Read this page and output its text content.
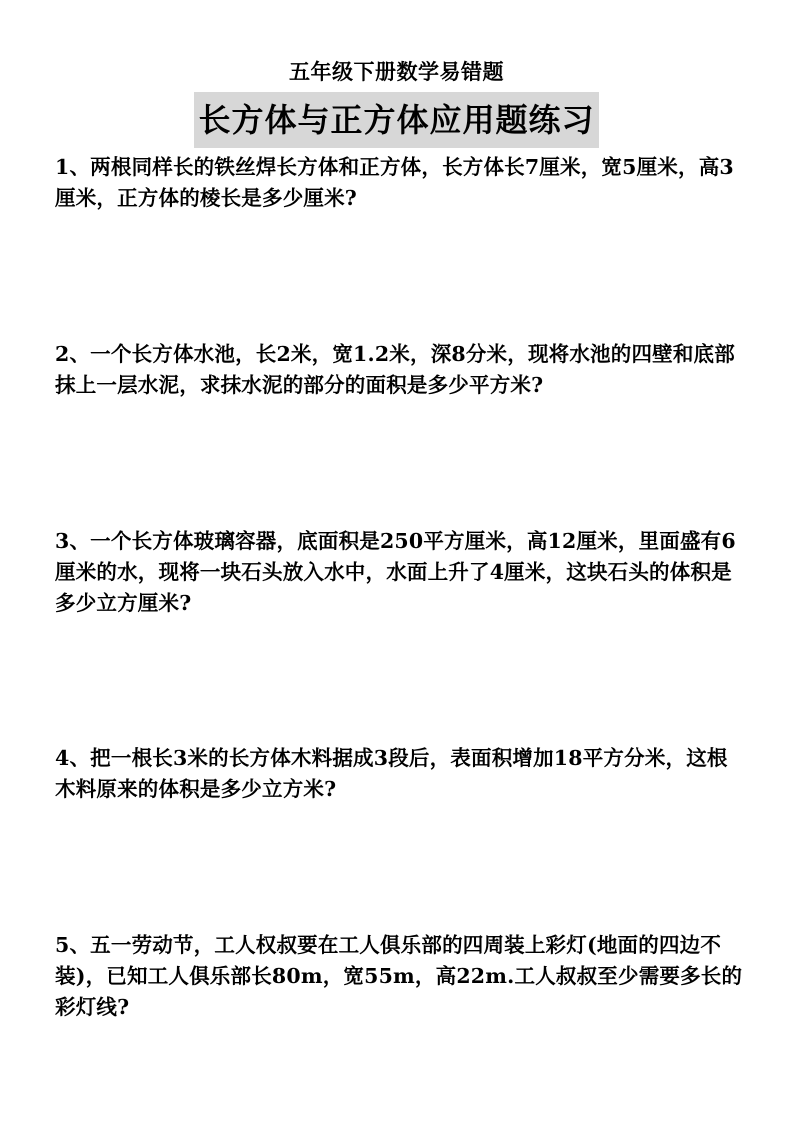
五年级下册数学易错题
长方体与正方体应用题练习
1、两根同样长的铁丝焊长方体和正方体，长方体长7厘米，宽5厘米，高3厘米，正方体的棱长是多少厘米?
2、一个长方体水池，长2米，宽1.2米，深8分米，现将水池的四壁和底部抹上一层水泥，求抹水泥的部分的面积是多少平方米?
3、一个长方体玻璃容器，底面积是250平方厘米，高12厘米，里面盛有6厘米的水，现将一块石头放入水中，水面上升了4厘米，这块石头的体积是多少立方厘米?
4、把一根长3米的长方体木料据成3段后，表面积增加18平方分米，这根木料原来的体积是多少立方米?
5、五一劳动节，工人权叔要在工人俱乐部的四周装上彩灯(地面的四边不装)，已知工人俱乐部长80m，宽55m，高22m.工人叔叔至少需要多长的彩灯线?
